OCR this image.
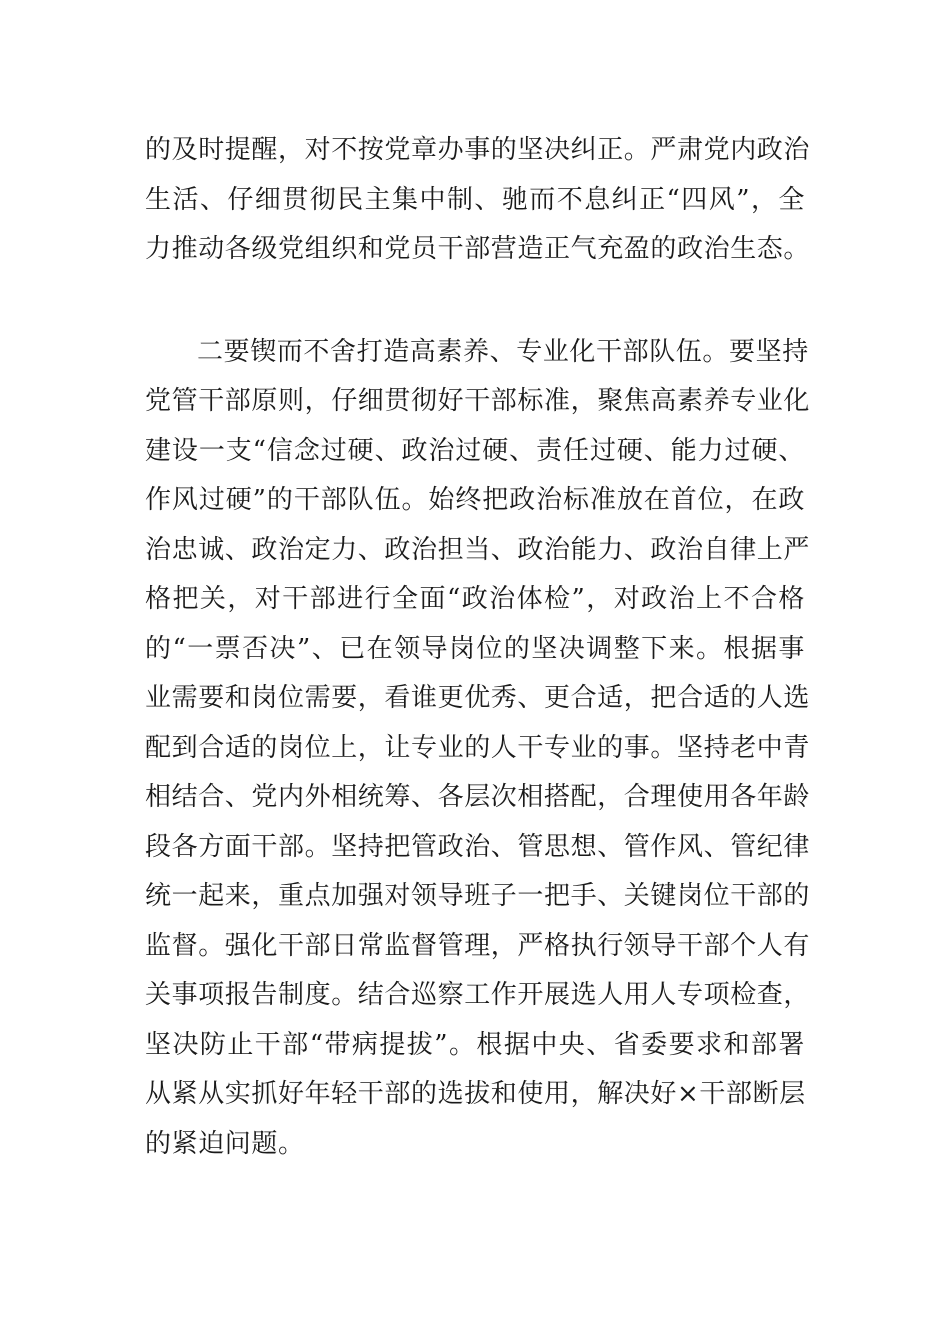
的及时提醒，对不按党章办事的坚决纠正。严肃党内政治
生活、仔细贯彻民主集中制、驰而不息纠正“四风”，全
力推动各级党组织和党员干部营造正气充盈的政治生态。
二要锲而不舍打造高素养、专业化干部队伍。要坚持
党管干部原则，仔细贯彻好干部标准，聚焦高素养专业化
建设一支“信念过硬、政治过硬、责任过硬、能力过硬、
作风过硬”的干部队伍。始终把政治标准放在首位，在政
治忠诚、政治定力、政治担当、政治能力、政治自律上严
格把关，对干部进行全面“政治体检”，对政治上不合格
的“一票否决”、已在领导岗位的坚决调整下来。根据事
业需要和岗位需要，看谁更优秀、更合适，把合适的人选
配到合适的岗位上，让专业的人干专业的事。坚持老中青
相结合、党内外相统筹、各层次相搭配，合理使用各年龄
段各方面干部。坚持把管政治、管思想、管作风、管纪律
统一起来，重点加强对领导班子一把手、关键岗位干部的
监督。强化干部日常监督管理，严格执行领导干部个人有
关事项报告制度。结合巡察工作开展选人用人专项检查，
坚决防止干部“带病提拔”。根据中央、省委要求和部署
从紧从实抓好年轻干部的选拔和使用，解决好×干部断层
的紧迫问题。
